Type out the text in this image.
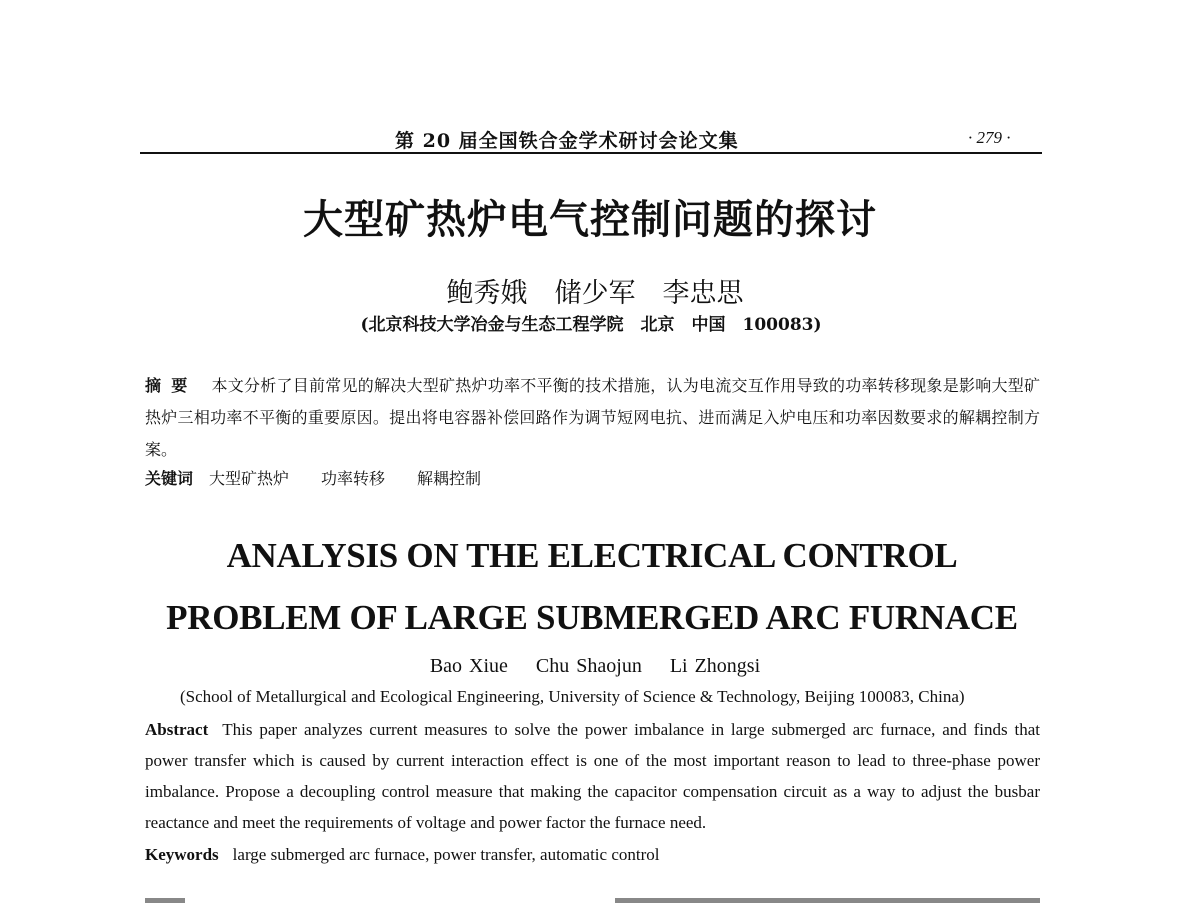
第 20 届全国铁合金学术研讨会论文集	· 279 ·
大型矿热炉电气控制问题的探讨
鲍秀娥　储少军　李忠思
(北京科技大学冶金与生态工程学院　北京　中国　100083)
摘要 本文分析了目前常见的解决大型矿热炉功率不平衡的技术措施，认为电流交互作用导致的功率转移现象是影响大型矿热炉三相功率不平衡的重要原因。提出将电容器补偿回路作为调节短网电抗、进而满足入炉电压和功率因数要求的解耦控制方案。
关键词 大型矿热炉　　功率转移　　解耦控制
ANALYSIS ON THE ELECTRICAL CONTROL
PROBLEM OF LARGE SUBMERGED ARC FURNACE
Bao Xiue    Chu Shaojun    Li Zhongsi
(School of Metallurgical and Ecological Engineering, University of Science & Technology, Beijing 100083, China)
Abstract This paper analyzes current measures to solve the power imbalance in large submerged arc furnace, and finds that power transfer which is caused by current interaction effect is one of the most important reason to lead to three-phase power imbalance. Propose a decoupling control measure that making the capacitor compensation circuit as a way to adjust the busbar reactance and meet the requirements of voltage and power factor the furnace need.
Keywords large submerged arc furnace, power transfer, automatic control
